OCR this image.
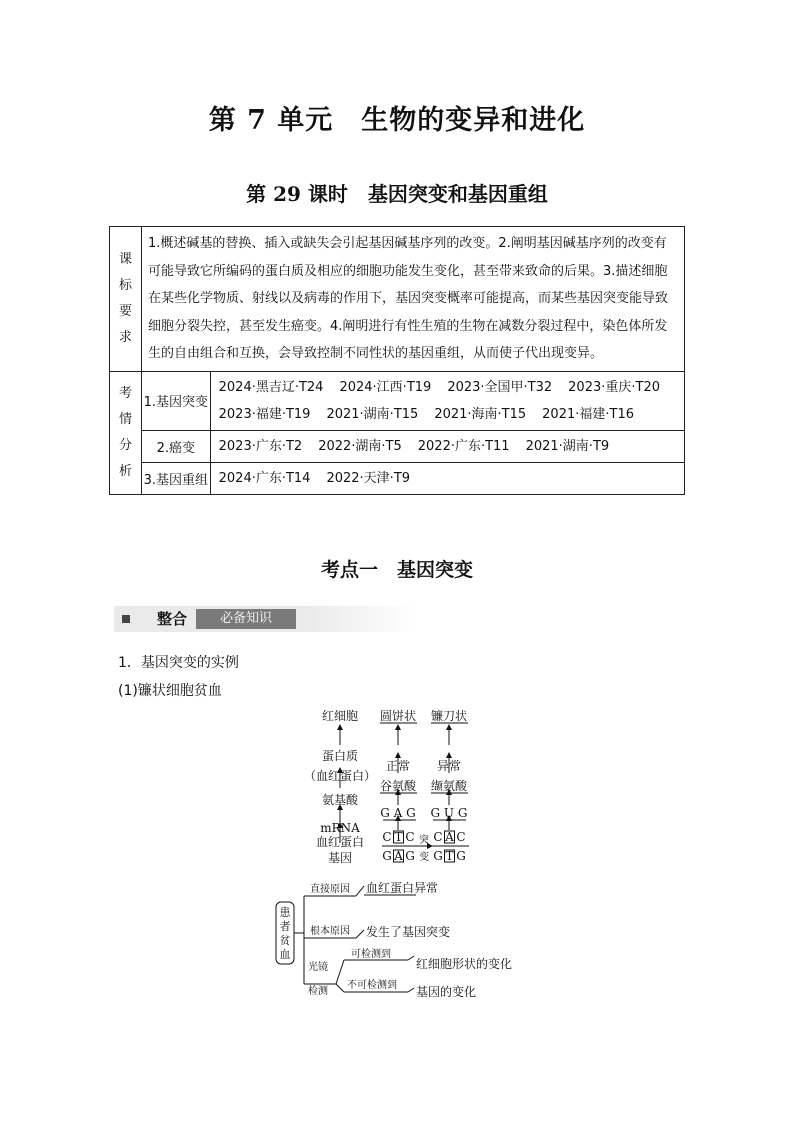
第 7 单元　生物的变异和进化
第 29 课时　基因突变和基因重组
课
标
要
求	1.概述碱基的替换、插入或缺失会引起基因碱基序列的改变。2.阐明基因碱基序列的改变有可能导致它所编码的蛋白质及相应的细胞功能发生变化，甚至带来致命的后果。3.描述细胞在某些化学物质、射线以及病毒的作用下，基因突变概率可能提高，而某些基因突变能导致细胞分裂失控，甚至发生癌变。4.阐明进行有性生殖的生物在减数分裂过程中，染色体所发生的自由组合和互换，会导致控制不同性状的基因重组，从而使子代出现变异。	
考
情
分
析	1.基因突变	2024·黑吉辽·T24 2024·江西·T19 2023·全国甲·T32 2023·重庆·T20
2023·福建·T19 2021·湖南·T15 2021·海南·T15 2021·福建·T16
	2.癌变	2023·广东·T2 2022·湖南·T5 2022·广东·T11 2021·湖南·T9
	3.基因重组	2024·广东·T14 2022·天津·T9
考点一　基因突变
整合	必备知识
1．基因突变的实例
(1)镰状细胞贫血
红细胞
蛋白质
（血红蛋白）
氨基酸
mRNA
血红蛋白
基因
圆饼状
正常
谷氨酸
G A G
C T C
G A G
镰刀状
异常
缬氨酸
G U G
C A C
G T G
突
变
患
者
贫
血
直接原因
根本原因
光镜
检测
可检测到
不可检测到
血红蛋白异常
发生了基因突变
红细胞形状的变化
基因的变化
